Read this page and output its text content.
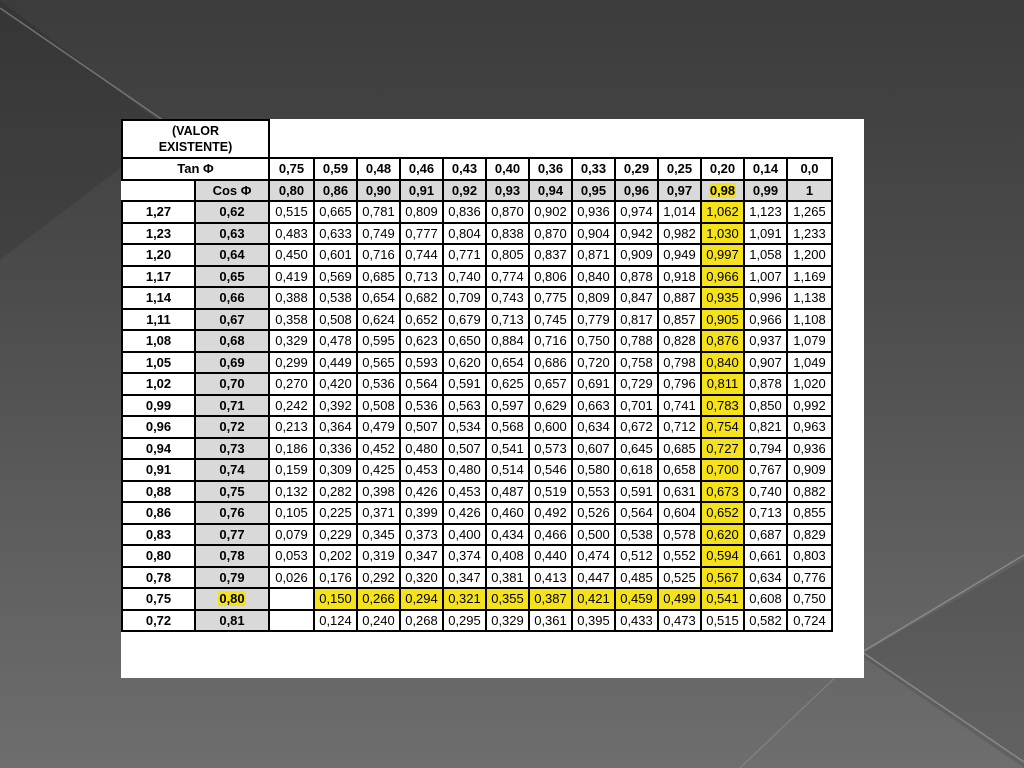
(VALOR
EXISTENTE)														

Tan Φ		0,75	0,59	0,48	0,46	0,43	0,40	0,36	0,33	0,29	0,25	0,20	0,14	0,0
	Cos Φ	0,80	0,86	0,90	0,91	0,92	0,93	0,94	0,95	0,96	0,97	0,98	0,99	1
1,27	0,62	0,515	0,665	0,781	0,809	0,836	0,870	0,902	0,936	0,974	1,014	1,062	1,123	1,265
1,23	0,63	0,483	0,633	0,749	0,777	0,804	0,838	0,870	0,904	0,942	0,982	1,030	1,091	1,233
1,20	0,64	0,450	0,601	0,716	0,744	0,771	0,805	0,837	0,871	0,909	0,949	0,997	1,058	1,200
1,17	0,65	0,419	0,569	0,685	0,713	0,740	0,774	0,806	0,840	0,878	0,918	0,966	1,007	1,169
1,14	0,66	0,388	0,538	0,654	0,682	0,709	0,743	0,775	0,809	0,847	0,887	0,935	0,996	1,138
1,11	0,67	0,358	0,508	0,624	0,652	0,679	0,713	0,745	0,779	0,817	0,857	0,905	0,966	1,108
1,08	0,68	0,329	0,478	0,595	0,623	0,650	0,884	0,716	0,750	0,788	0,828	0,876	0,937	1,079
1,05	0,69	0,299	0,449	0,565	0,593	0,620	0,654	0,686	0,720	0,758	0,798	0,840	0,907	1,049
1,02	0,70	0,270	0,420	0,536	0,564	0,591	0,625	0,657	0,691	0,729	0,796	0,811	0,878	1,020
0,99	0,71	0,242	0,392	0,508	0,536	0,563	0,597	0,629	0,663	0,701	0,741	0,783	0,850	0,992
0,96	0,72	0,213	0,364	0,479	0,507	0,534	0,568	0,600	0,634	0,672	0,712	0,754	0,821	0,963
0,94	0,73	0,186	0,336	0,452	0,480	0,507	0,541	0,573	0,607	0,645	0,685	0,727	0,794	0,936
0,91	0,74	0,159	0,309	0,425	0,453	0,480	0,514	0,546	0,580	0,618	0,658	0,700	0,767	0,909
0,88	0,75	0,132	0,282	0,398	0,426	0,453	0,487	0,519	0,553	0,591	0,631	0,673	0,740	0,882
0,86	0,76	0,105	0,225	0,371	0,399	0,426	0,460	0,492	0,526	0,564	0,604	0,652	0,713	0,855
0,83	0,77	0,079	0,229	0,345	0,373	0,400	0,434	0,466	0,500	0,538	0,578	0,620	0,687	0,829
0,80	0,78	0,053	0,202	0,319	0,347	0,374	0,408	0,440	0,474	0,512	0,552	0,594	0,661	0,803
0,78	0,79	0,026	0,176	0,292	0,320	0,347	0,381	0,413	0,447	0,485	0,525	0,567	0,634	0,776
0,75	0,80		0,150	0,266	0,294	0,321	0,355	0,387	0,421	0,459	0,499	0,541	0,608	0,750
0,72	0,81		0,124	0,240	0,268	0,295	0,329	0,361	0,395	0,433	0,473	0,515	0,582	0,724
